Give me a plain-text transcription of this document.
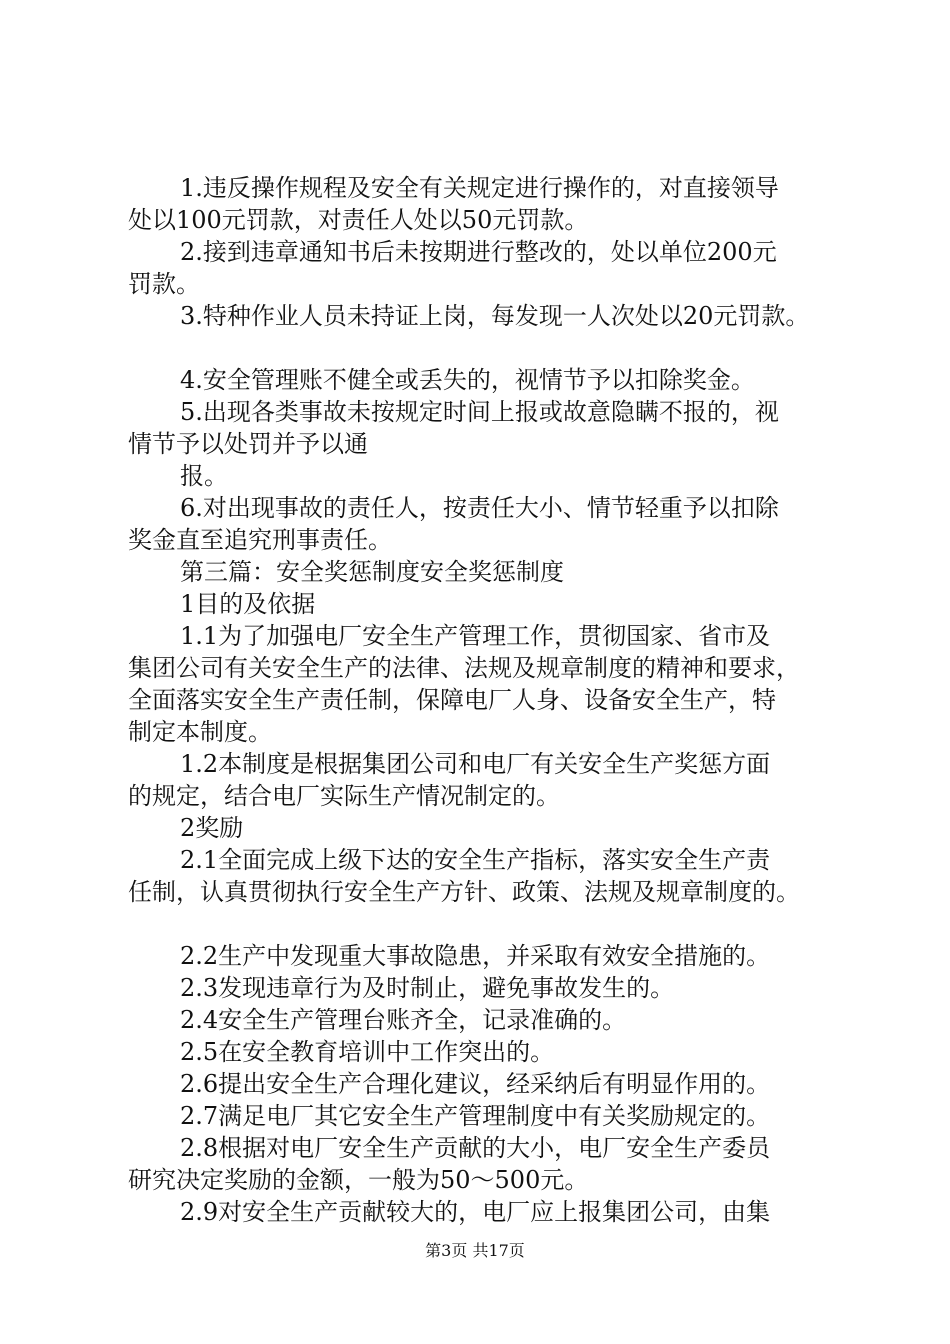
1.违反操作规程及安全有关规定进行操作的，对直接领导
处以100元罚款，对责任人处以50元罚款。

2.接到违章通知书后未按期进行整改的，处以单位200元
罚款。

3.特种作业人员未持证上岗，每发现一人次处以20元罚款。

4.安全管理账不健全或丢失的，视情节予以扣除奖金。

5.出现各类事故未按规定时间上报或故意隐瞒不报的，视
情节予以处罚并予以通
报。

6.对出现事故的责任人，按责任大小、情节轻重予以扣除
奖金直至追究刑事责任。

第三篇：安全奖惩制度安全奖惩制度

1目的及依据

1.1为了加强电厂安全生产管理工作，贯彻国家、省市及
集团公司有关安全生产的法律、法规及规章制度的精神和要求，
全面落实安全生产责任制，保障电厂人身、设备安全生产，特
制定本制度。

1.2本制度是根据集团公司和电厂有关安全生产奖惩方面
的规定，结合电厂实际生产情况制定的。

2奖励

2.1全面完成上级下达的安全生产指标，落实安全生产责
任制，认真贯彻执行安全生产方针、政策、法规及规章制度的。

2.2生产中发现重大事故隐患，并采取有效安全措施的。

2.3发现违章行为及时制止，避免事故发生的。

2.4安全生产管理台账齐全，记录准确的。

2.5在安全教育培训中工作突出的。

2.6提出安全生产合理化建议，经采纳后有明显作用的。

2.7满足电厂其它安全生产管理制度中有关奖励规定的。

2.8根据对电厂安全生产贡献的大小，电厂安全生产委员
研究决定奖励的金额，一般为50～500元。

2.9对安全生产贡献较大的，电厂应上报集团公司，由集

第3页 共17页
